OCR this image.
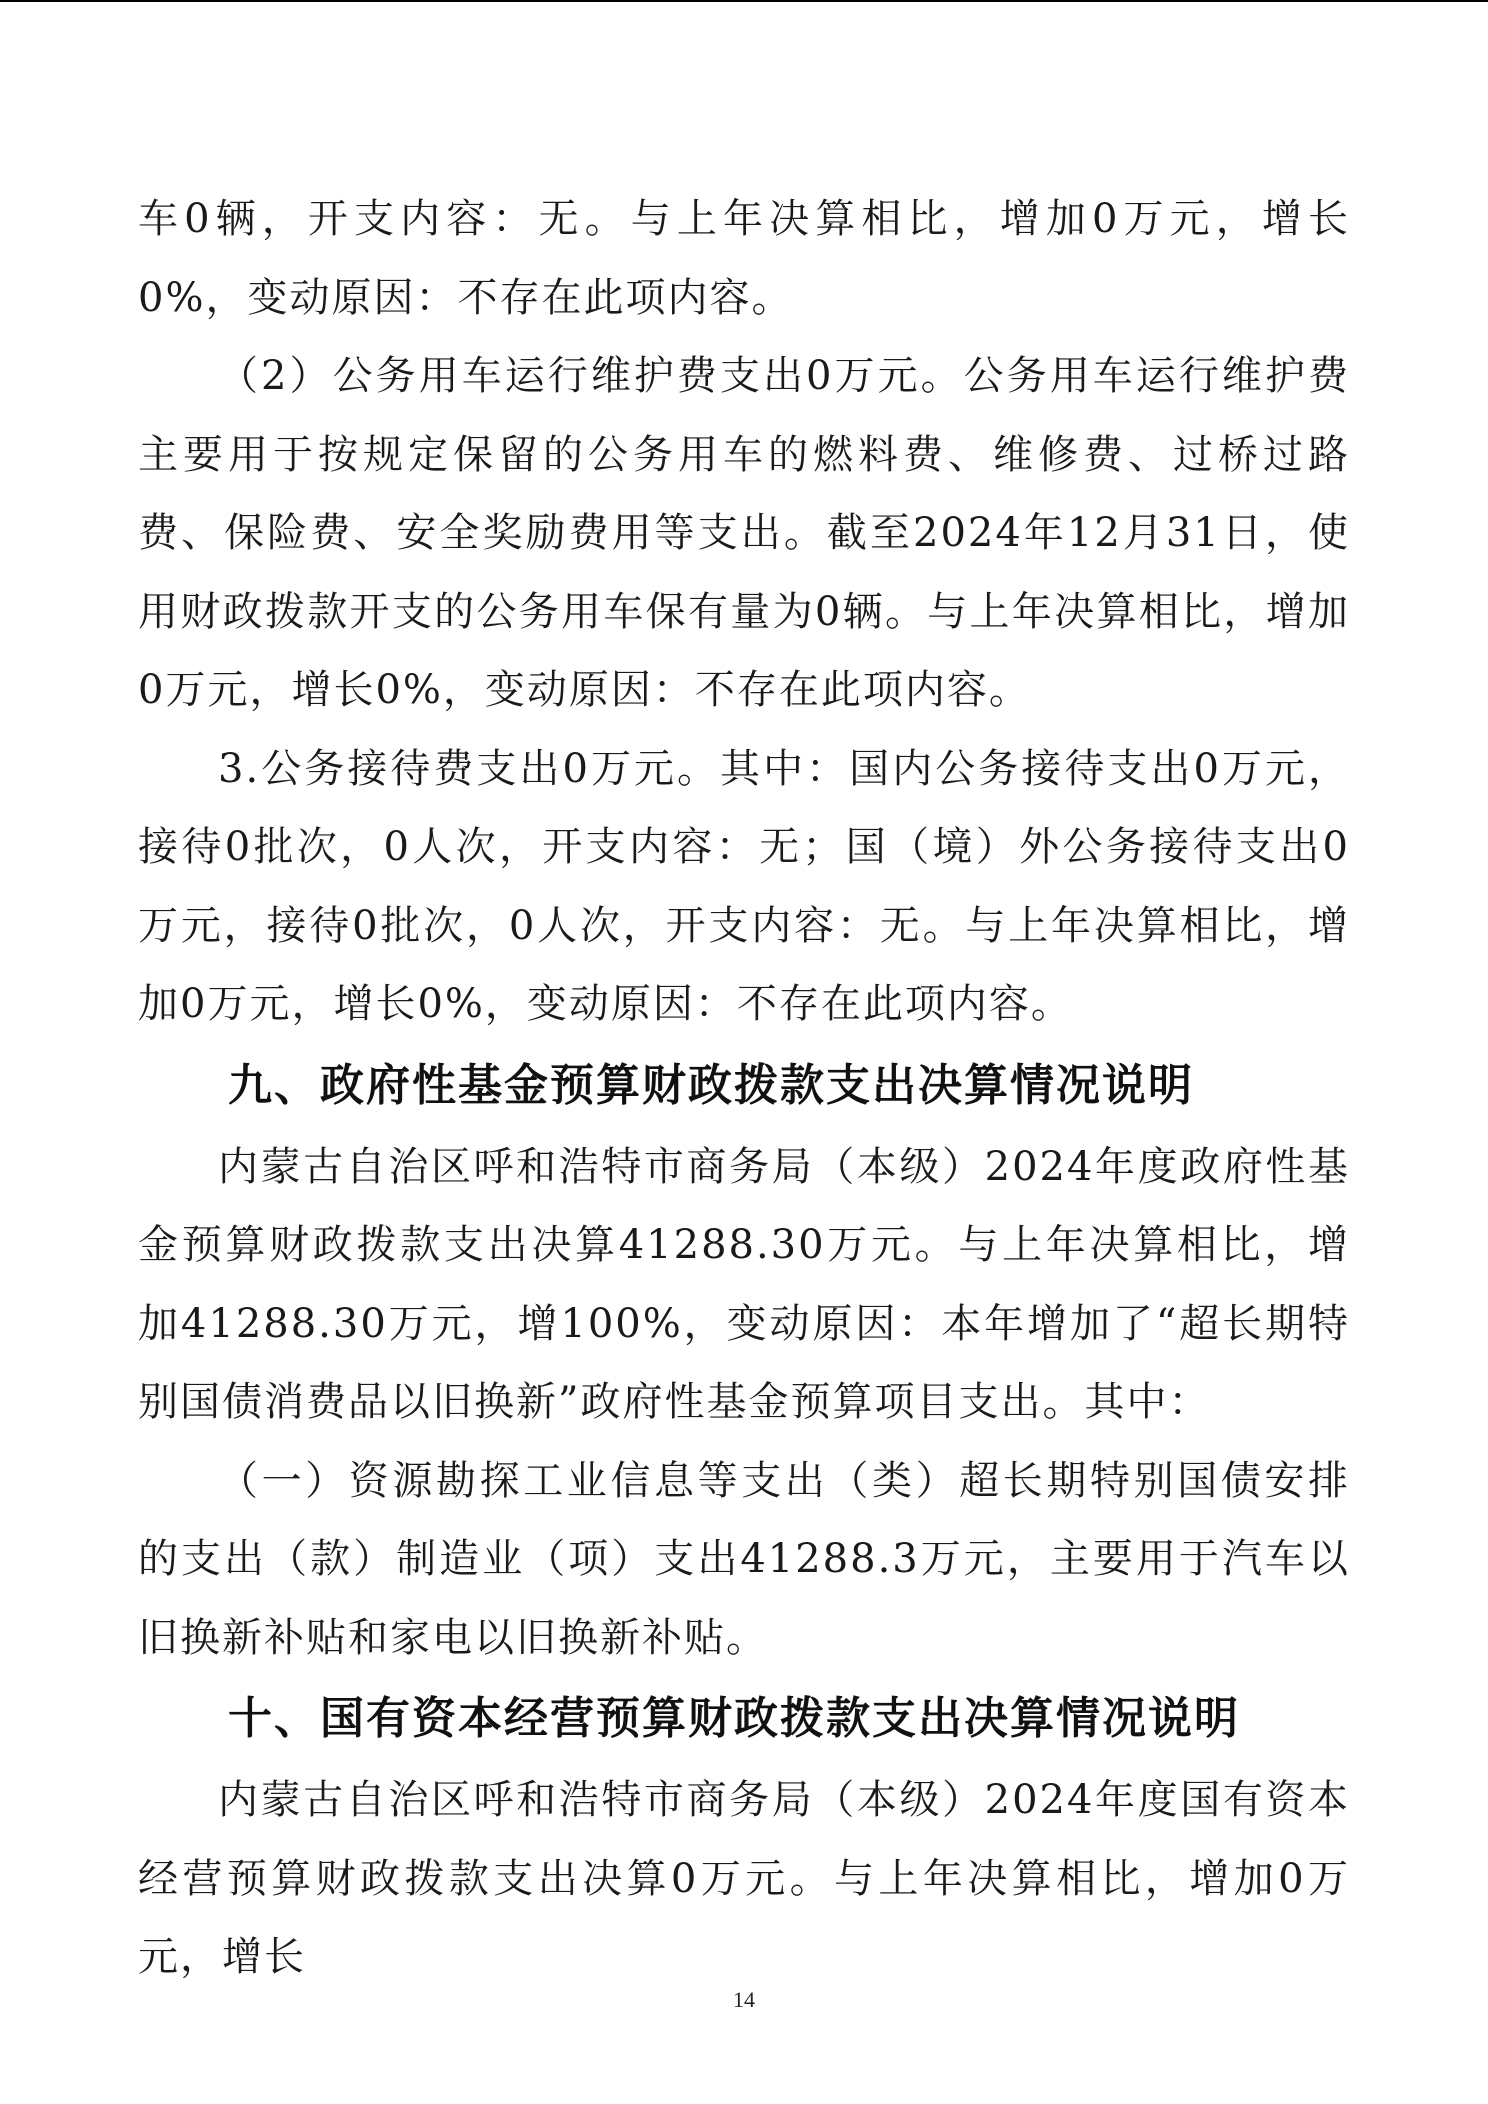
车0辆，开支内容：无。与上年决算相比，增加0万元，增长0%，变动原因：不存在此项内容。

（2）公务用车运行维护费支出0万元。公务用车运行维护费主要用于按规定保留的公务用车的燃料费、维修费、过桥过路费、保险费、安全奖励费用等支出。截至2024年12月31日，使用财政拨款开支的公务用车保有量为0辆。与上年决算相比，增加0万元，增长0%，变动原因：不存在此项内容。

3.公务接待费支出0万元。其中：国内公务接待支出0万元，接待0批次，0人次，开支内容：无；国（境）外公务接待支出0万元，接待0批次，0人次，开支内容：无。与上年决算相比，增加0万元，增长0%，变动原因：不存在此项内容。

九、政府性基金预算财政拨款支出决算情况说明

内蒙古自治区呼和浩特市商务局（本级）2024年度政府性基金预算财政拨款支出决算41288.30万元。与上年决算相比，增加41288.30万元，增100%，变动原因：本年增加了“超长期特别国债消费品以旧换新”政府性基金预算项目支出。其中：

（一）资源勘探工业信息等支出（类）超长期特别国债安排的支出（款）制造业（项）支出41288.3万元，主要用于汽车以旧换新补贴和家电以旧换新补贴。

十、国有资本经营预算财政拨款支出决算情况说明

内蒙古自治区呼和浩特市商务局（本级）2024年度国有资本经营预算财政拨款支出决算0万元。与上年决算相比，增加0万元，增长

14
